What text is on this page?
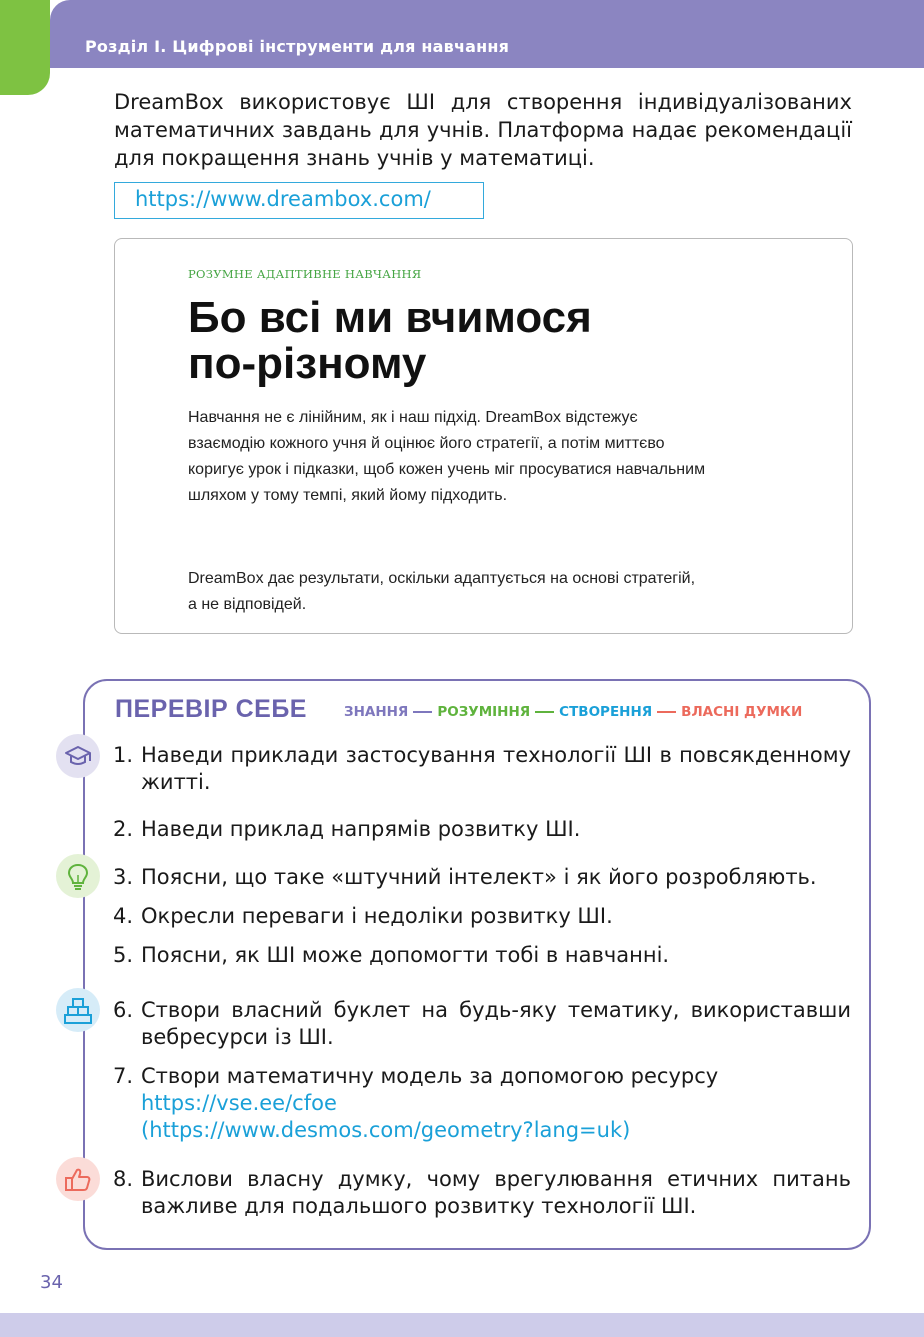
Розділ І. Цифрові інструменти для навчання

DreamBox використовує ШІ для створення індивідуалізованих математичних завдань для учнів. Платформа надає рекомендації для покращення знань учнів у математиці.

https://www.dreambox.com/
РОЗУМНЕ АДАПТИВНЕ НАВЧАННЯ
Бо всі ми вчимося
по-різному
Навчання не є лінійним, як і наш підхід. DreamBox відстежує взаємодію кожного учня й оцінює його стратегії, а потім миттєво коригує урок і підказки, щоб кожен учень міг просуватися навчальним шляхом у тому темпі, який йому підходить.
DreamBox дає результати, оскільки адаптується на основі стратегій, а не відповідей.
ПЕРЕВІР СЕБЕ	ЗНАННЯ РОЗУМІННЯ СТВОРЕННЯ ВЛАСНІ ДУМКИ
1. Наведи приклади застосування технології ШІ в повсякденному житті.
2. Наведи приклад напрямів розвитку ШІ.
3. Поясни, що таке «штучний інтелект» і як його розробляють.
4. Окресли переваги і недоліки розвитку ШІ.
5. Поясни, як ШІ може допомогти тобі в навчанні.
6. Створи власний буклет на будь-яку тематику, використавши вебресурси із ШІ.
7. Створи математичну модель за допомогою ресурсу
https://vse.ee/cfoe
(https://www.desmos.com/geometry?lang=uk)
8. Вислови власну думку, чому врегулювання етичних питань важливе для подальшого розвитку технології ШІ.
34
